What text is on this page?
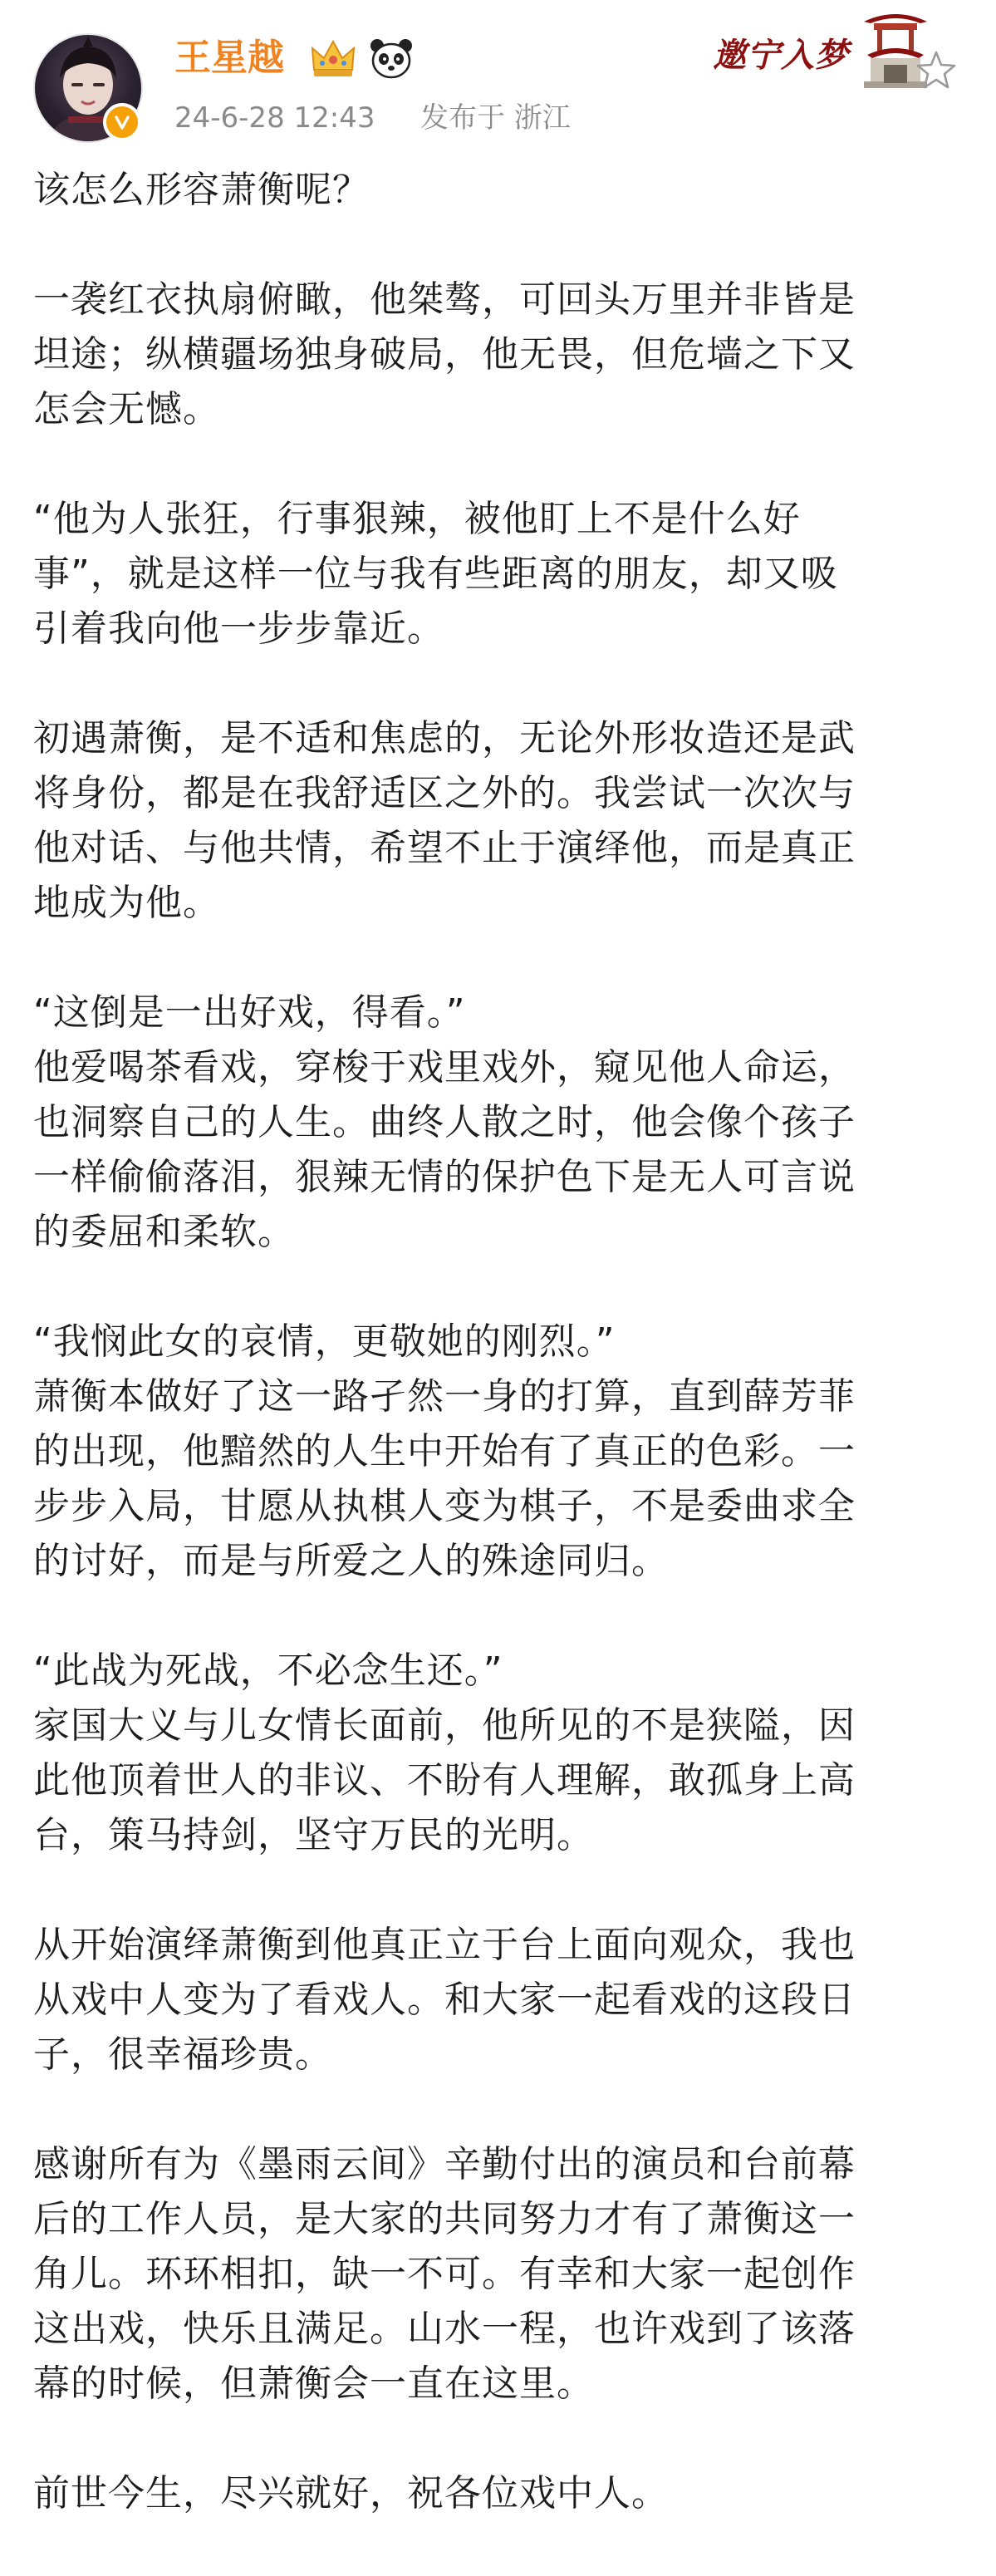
王星越
24-6-28 12:43 发布于 浙江
邀宁入梦
该怎么形容萧衡呢？
一袭红衣执扇俯瞰，他桀骜，可回头万里并非皆是
坦途；纵横疆场独身破局，他无畏，但危墙之下又
怎会无憾。
“他为人张狂，行事狠辣，被他盯上不是什么好
事”，就是这样一位与我有些距离的朋友，却又吸
引着我向他一步步靠近。
初遇萧衡，是不适和焦虑的，无论外形妆造还是武
将身份，都是在我舒适区之外的。我尝试一次次与
他对话、与他共情，希望不止于演绎他，而是真正
地成为他。
“这倒是一出好戏，得看。”
他爱喝茶看戏，穿梭于戏里戏外，窥见他人命运，
也洞察自己的人生。曲终人散之时，他会像个孩子
一样偷偷落泪，狠辣无情的保护色下是无人可言说
的委屈和柔软。
“我悯此女的哀情，更敬她的刚烈。”
萧衡本做好了这一路孑然一身的打算，直到薛芳菲
的出现，他黯然的人生中开始有了真正的色彩。一
步步入局，甘愿从执棋人变为棋子，不是委曲求全
的讨好，而是与所爱之人的殊途同归。
“此战为死战，不必念生还。”
家国大义与儿女情长面前，他所见的不是狭隘，因
此他顶着世人的非议、不盼有人理解，敢孤身上高
台，策马持剑，坚守万民的光明。
从开始演绎萧衡到他真正立于台上面向观众，我也
从戏中人变为了看戏人。和大家一起看戏的这段日
子，很幸福珍贵。
感谢所有为《墨雨云间》辛勤付出的演员和台前幕
后的工作人员，是大家的共同努力才有了萧衡这一
角儿。环环相扣，缺一不可。有幸和大家一起创作
这出戏，快乐且满足。山水一程，也许戏到了该落
幕的时候，但萧衡会一直在这里。
前世今生，尽兴就好，祝各位戏中人。
